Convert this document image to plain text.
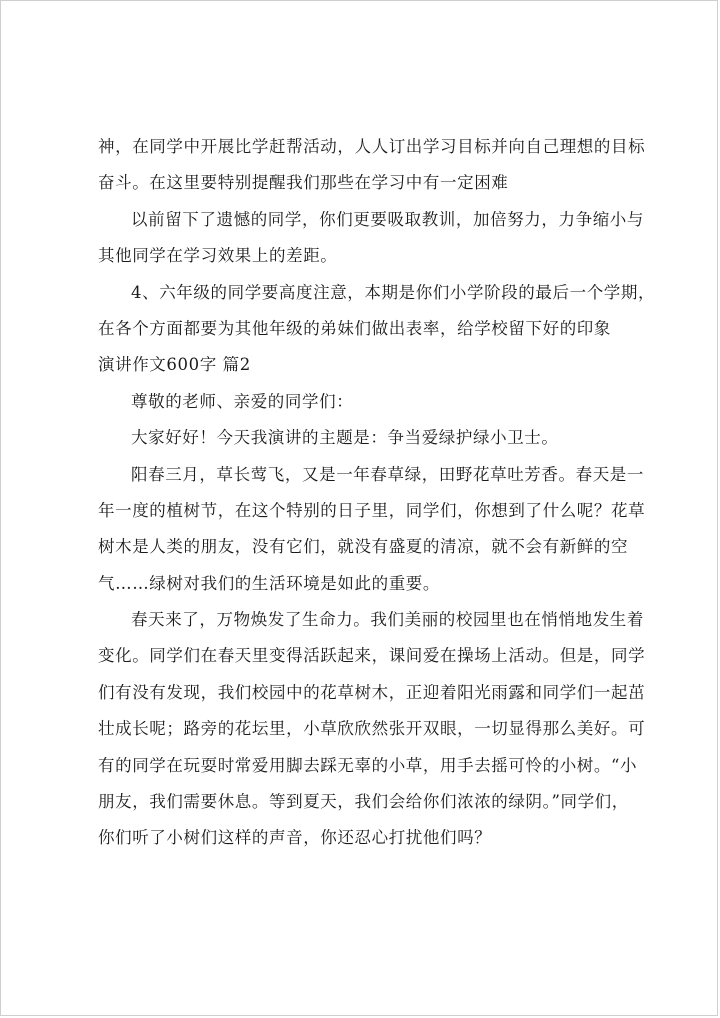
神，在同学中开展比学赶帮活动，人人订出学习目标并向自己理想的目标
奋斗。在这里要特别提醒我们那些在学习中有一定困难
以前留下了遗憾的同学，你们更要吸取教训，加倍努力，力争缩小与
其他同学在学习效果上的差距。
4、六年级的同学要高度注意，本期是你们小学阶段的最后一个学期，
在各个方面都要为其他年级的弟妹们做出表率，给学校留下好的印象
演讲作文600字 篇2
尊敬的老师、亲爱的同学们：
大家好好！今天我演讲的主题是：争当爱绿护绿小卫士。
阳春三月，草长莺飞，又是一年春草绿，田野花草吐芳香。春天是一
年一度的植树节，在这个特别的日子里，同学们，你想到了什么呢？花草
树木是人类的朋友，没有它们，就没有盛夏的清凉，就不会有新鲜的空
气……绿树对我们的生活环境是如此的重要。
春天来了，万物焕发了生命力。我们美丽的校园里也在悄悄地发生着
变化。同学们在春天里变得活跃起来，课间爱在操场上活动。但是，同学
们有没有发现，我们校园中的花草树木，正迎着阳光雨露和同学们一起茁
壮成长呢；路旁的花坛里，小草欣欣然张开双眼，一切显得那么美好。可
有的同学在玩耍时常爱用脚去踩无辜的小草，用手去摇可怜的小树。“小
朋友，我们需要休息。等到夏天，我们会给你们浓浓的绿阴。”同学们，
你们听了小树们这样的声音，你还忍心打扰他们吗？
